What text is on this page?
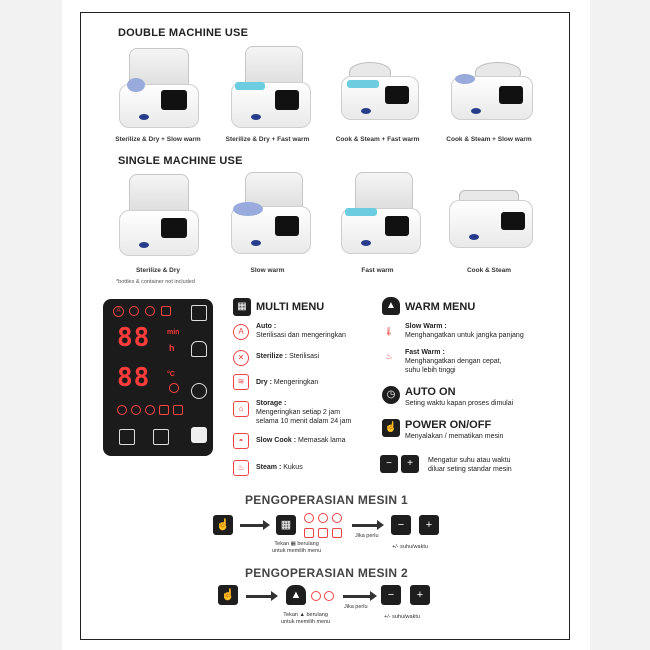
DOUBLE MACHINE USE
Sterilize & Dry + Slow warm	Sterilize & Dry + Fast warm	Cook & Steam + Fast warm	Cook & Steam + Slow warm
SINGLE MACHINE USE
Sterilize & Dry	Slow warm	Fast warm	Cook & Steam
*bottles & container not included
A
88 min
h
88 °C
▦ MULTI MENU
A
Auto :
Sterilisasi dan mengeringkan
✕	Sterilize : Sterilisasi
≋	Dry : Mengeringkan
⌂
Storage :
Mengeringkan setiap 2 jam
selama 10 menit dalam 24 jam
◓	Slow Cook : Memasak lama
♨	Steam : Kukus
▲ WARM MENU
🌡
Slow Warm :
Menghangatkan untuk jangka panjang
♨	Fast Warm :
Menghangatkan dengan cepat,
suhu lebih tinggi
◷ AUTO ON
Seting waktu kapan proses dimulai
☝ POWER ON/OFF
Menyalakan / mematikan mesin
−	+	Mengatur suhu atau waktu
diluar seting standar mesin
PENGOPERASIAN MESIN 1
☝	▦	−	+
Tekan ▦ berulang
untuk memilih menu
Jika perlu
+/- suhu/waktu
PENGOPERASIAN MESIN 2
☝	▲	−	+
Tekan ▲ berulang
untuk memilih menu
Jika perlu
+/- suhu/waktu
